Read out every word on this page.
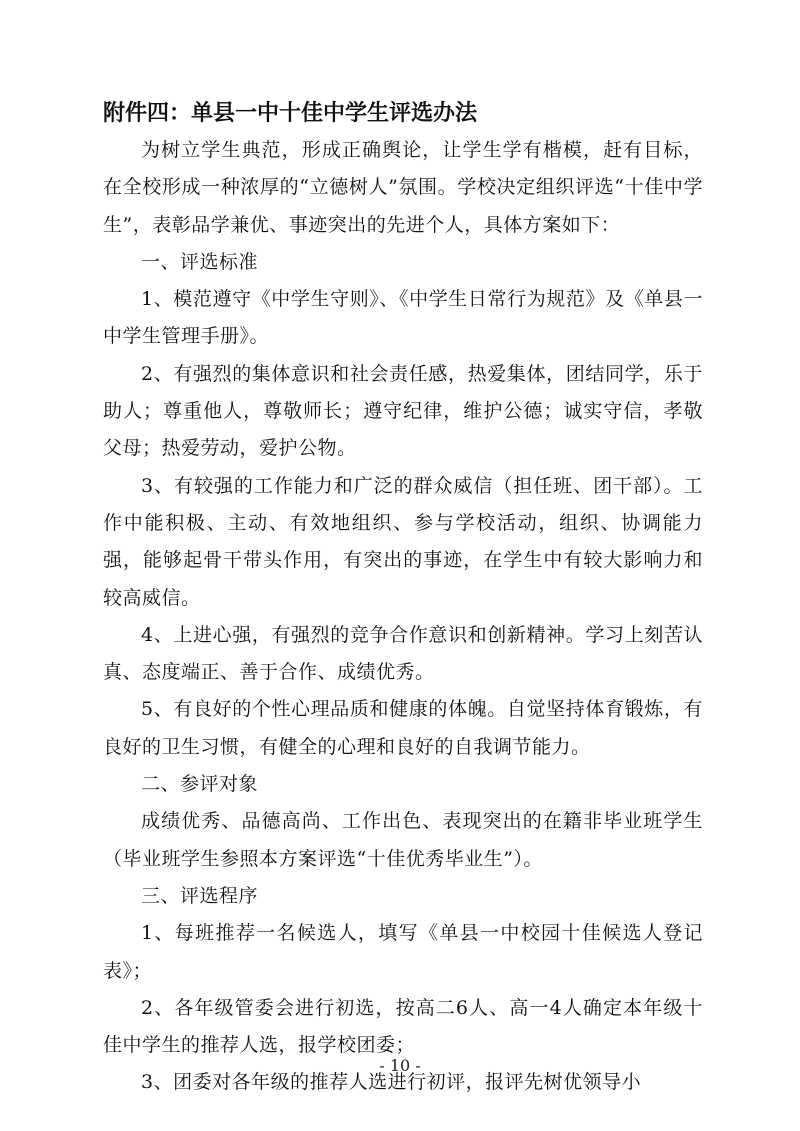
附件四：单县一中十佳中学生评选办法

为树立学生典范，形成正确舆论，让学生学有楷模，赶有目标，在全校形成一种浓厚的“立德树人”氛围。学校决定组织评选“十佳中学生”，表彰品学兼优、事迹突出的先进个人，具体方案如下：

一、评选标准

1、模范遵守《中学生守则》、《中学生日常行为规范》及《单县一中学生管理手册》。

2、有强烈的集体意识和社会责任感，热爱集体，团结同学，乐于助人；尊重他人，尊敬师长；遵守纪律，维护公德；诚实守信，孝敬父母；热爱劳动，爱护公物。

3、有较强的工作能力和广泛的群众威信（担任班、团干部）。工作中能积极、主动、有效地组织、参与学校活动，组织、协调能力强，能够起骨干带头作用，有突出的事迹，在学生中有较大影响力和较高威信。

4、上进心强，有强烈的竞争合作意识和创新精神。学习上刻苦认真、态度端正、善于合作、成绩优秀。

5、有良好的个性心理品质和健康的体魄。自觉坚持体育锻炼，有良好的卫生习惯，有健全的心理和良好的自我调节能力。

二、参评对象

成绩优秀、品德高尚、工作出色、表现突出的在籍非毕业班学生（毕业班学生参照本方案评选“十佳优秀毕业生”）。

三、评选程序

1、每班推荐一名候选人，填写《单县一中校园十佳候选人登记表》；

2、各年级管委会进行初选，按高二6人、高一4人确定本年级十佳中学生的推荐人选，报学校团委；

3、团委对各年级的推荐人选进行初评，报评先树优领导小

- 10 -
